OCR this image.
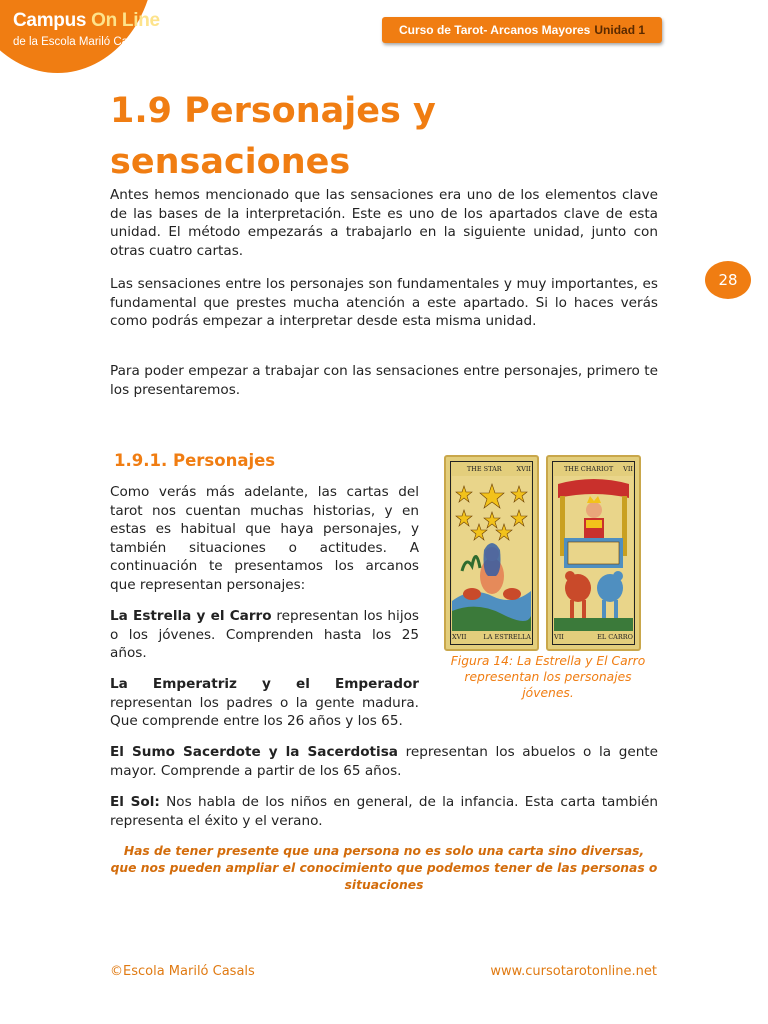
Campus On Line
de la Escola Mariló Casals
Curso de Tarot- Arcanos Mayores Unidad 1
28
1.9 Personajes y sensaciones

Antes hemos mencionado que las sensaciones era uno de los elementos clave de las bases de la interpretación. Este es uno de los apartados clave de esta unidad. El método empezarás a trabajarlo en la siguiente unidad, junto con otras cuatro cartas.

Las sensaciones entre los personajes son fundamentales y muy importantes, es fundamental que prestes mucha atención a este apartado. Si lo haces verás como podrás empezar a interpretar desde esta misma unidad.

Para poder empezar a trabajar con las sensaciones entre personajes, primero te los presentaremos.

1.9.1. Personajes

Como verás más adelante, las cartas del tarot nos cuentan muchas historias, y en estas es habitual que haya personajes, y también situaciones o actitudes. A continuación te presentamos los arcanos que representan personajes:

La Estrella y el Carro representan los hijos o los jóvenes. Comprenden hasta los 25 años.

La Emperatriz y el Emperador representan los padres o la gente madura. Que comprende entre los 26 años y los 65.

El Sumo Sacerdote y la Sacerdotisa representan los abuelos o la gente mayor. Comprende a partir de los 65 años.

El Sol: Nos habla de los niños en general, de la infancia. Esta carta también representa el éxito y el verano.

THE STAR XVII
XVII	LA ESTRELLA
THE CHARIOT VII
VII	EL CARRO

Figura 14: La Estrella y El Carro representan los personajes jóvenes.

Has de tener presente que una persona no es solo una carta sino diversas, que nos pueden ampliar el conocimiento que podemos tener de las personas o situaciones

©Escola Mariló Casals	www.cursotarotonline.net
